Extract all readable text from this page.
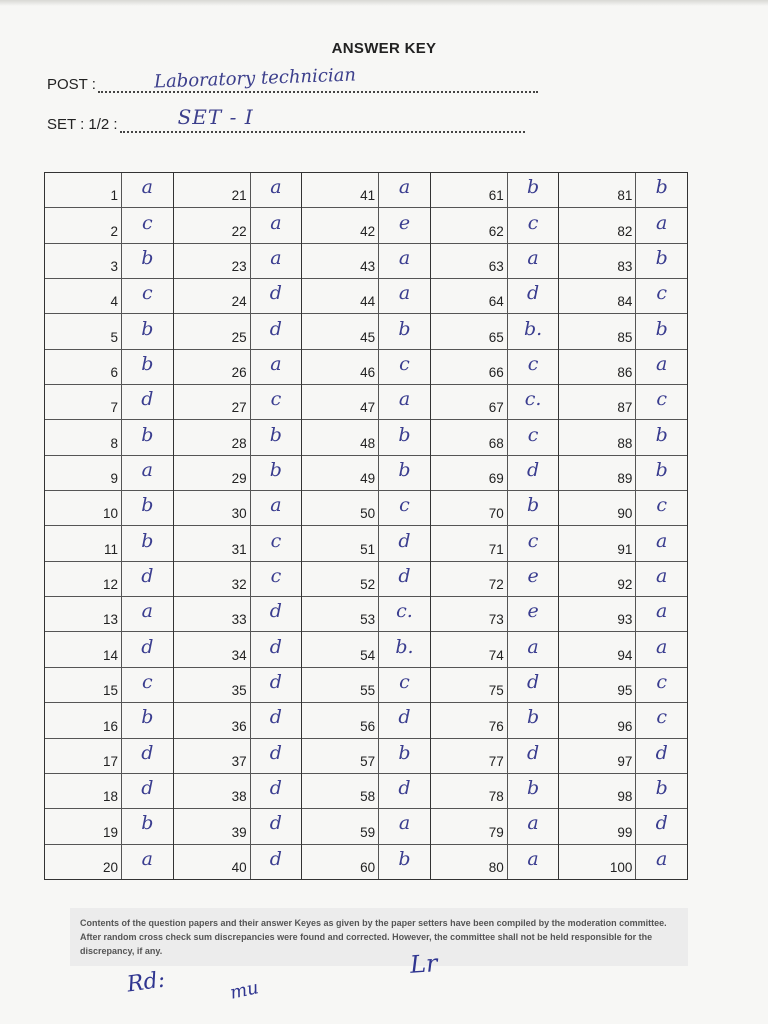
ANSWER KEY
POST :	Laboratory technician
SET : 1/2 :	SET - I
1	a
2	c
3	b
4	c
5	b
6	b
7	d
8	b
9	a
10	b
11	b
12	d
13	a
14	d
15	c
16	b
17	d
18	d
19	b
20	a
21	a
22	a
23	a
24	d
25	d
26	a
27	c
28	b
29	b
30	a
31	c
32	c
33	d
34	d
35	d
36	d
37	d
38	d
39	d
40	d
41	a
42	e
43	a
44	a
45	b
46	c
47	a
48	b
49	b
50	c
51	d
52	d
53	c.
54	b.
55	c
56	d
57	b
58	d
59	a
60	b
61	b
62	c
63	a
64	d
65	b.
66	c
67	c.
68	c
69	d
70	b
71	c
72	e
73	e
74	a
75	d
76	b
77	d
78	b
79	a
80	a
81	b
82	a
83	b
84	c
85	b
86	a
87	c
88	b
89	b
90	c
91	a
92	a
93	a
94	a
95	c
96	c
97	d
98	b
99	d
100	a
Contents of the question papers and their answer Keyes as given by the paper setters have been compiled by the moderation committee. After random cross check sum discrepancies were found and corrected. However, the committee shall not be held responsible for the discrepancy, if any.
Rd:	mu
Lr
